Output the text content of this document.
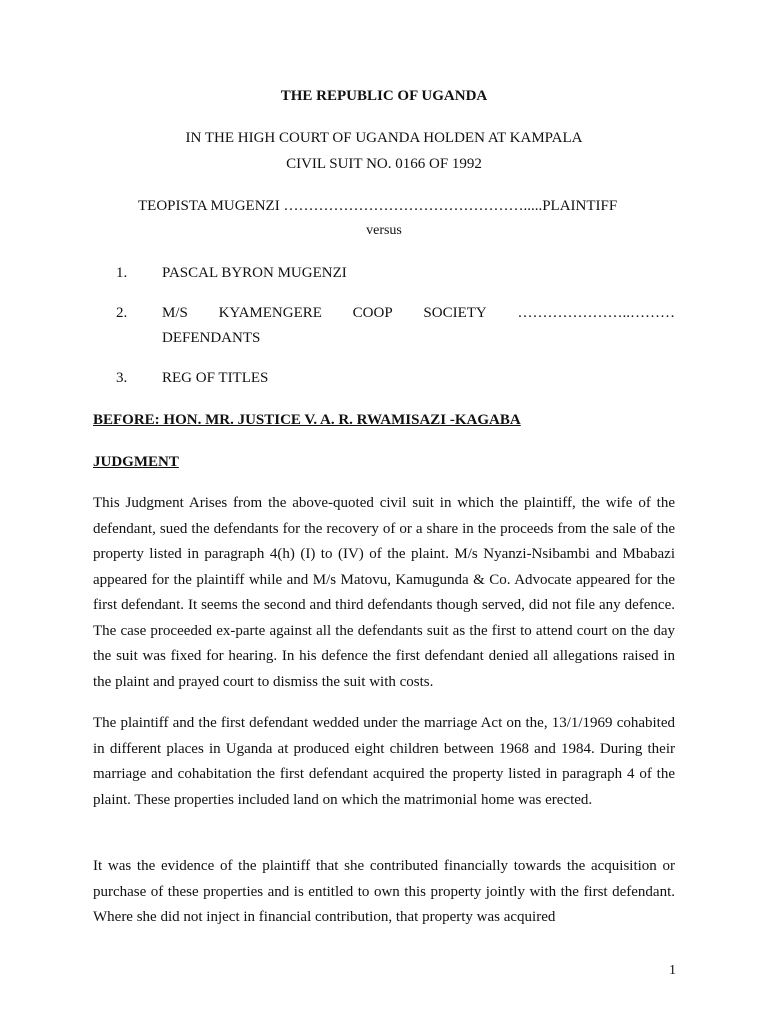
THE REPUBLIC OF UGANDA
IN THE HIGH COURT OF UGANDA HOLDEN AT KAMPALA
CIVIL SUIT NO. 0166 OF 1992
TEOPISTA MUGENZI ………………………………………….....PLAINTIFF
versus
1. PASCAL BYRON MUGENZI
2. M/S KYAMENGERE COOP SOCIETY …………………..………
DEFENDANTS
3. REG OF TITLES
BEFORE: HON. MR. JUSTICE V. A. R. RWAMISAZI -KAGABA
JUDGMENT

This Judgment Arises from the above-quoted civil suit in which the plaintiff, the wife of the defendant, sued the defendants for the recovery of or a share in the proceeds from the sale of the property listed in paragraph 4(h) (I) to (IV) of the plaint. M/s Nyanzi-Nsibambi and Mbabazi appeared for the plaintiff while and M/s Matovu, Kamugunda & Co. Advocate appeared for the first defendant. It seems the second and third defendants though served, did not file any defence. The case proceeded ex-parte against all the defendants suit as the first to attend court on the day the suit was fixed for hearing. In his defence the first defendant denied all allegations raised in the plaint and prayed court to dismiss the suit with costs.

The plaintiff and the first defendant wedded under the marriage Act on the, 13/1/1969 cohabited in different places in Uganda at produced eight children between 1968 and 1984. During their marriage and cohabitation the first defendant acquired the property listed in paragraph 4 of the plaint. These properties included land on which the matrimonial home was erected.

It was the evidence of the plaintiff that she contributed financially towards the acquisition or purchase of these properties and is entitled to own this property jointly with the first defendant. Where she did not inject in financial contribution, that property was acquired

1
